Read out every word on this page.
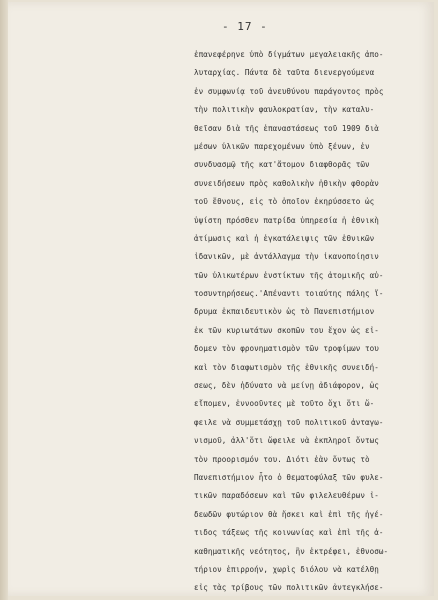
- 17 -
ἐπανεφέρηνε ὑπὸ δίγμάτων μεγαλειακῆς ἀπο-
λυταρχίας. Πάντα δὲ ταῦτα διενεργούμενα
ἐν συμφωνίᾳ τοῦ ἀνευθύνου παράγοντος πρὸς
τὴν πολιτικὴν φαυλοκρατίαν, τὴν καταλυ-
θεῖσαν διὰ τῆς ἐπαναστάσεως τοῦ 1909 διὰ
μέσων ὑλικῶν παρεχομένων ὑπὸ ξένων, ἐν
συνδυασμῷ τῆς κατ'ἄτομον διαφθορᾶς τῶν
συνειδήσεων πρὸς καθολικὴν ἠθικὴν φθορὰν
τοῦ ἔθνους, εἰς τὸ ὁποῖον ἐκηρύσσετο ὡς
ὑψίστη πρόσθεν πατρίδα ὑπηρεσία ἡ ἐθνικὴ
ἀτίμωσις καὶ ἡ ἐγκατάλειψις τῶν ἐθνικῶν
ἰδανικῶν, μὲ ἀντάλλαγμα τὴν ἱκανοποίησιν
τῶν ὑλικωτέρων ἐνστίκτων τῆς ἀτομικῆς αὐ-
τοσυντηρήσεως.'Απέναντι τοιαύτης πάλης ἵ-
δρυμα ἐκπαιδευτικὸν ὡς τὸ Πανεπιστήμιον
ἐκ τῶν κυριωτάτων σκοπῶν του ἔχον ὡς εἰ-
δομεν τὸν φρονηματισμὸν τῶν τροφίμων του
καὶ τὸν διαφωτισμὸν τῆς ἐθνικῆς συνειδή-
σεως, δὲν ἠδύνατο νὰ μείνῃ ἀδιάφορον, ὡς
εἴπομεν, ἐννοοῦντες μὲ τοῦτο ὅχι ὅτι ὤ-
φειλε νὰ συμμετάσχῃ τοῦ πολιτικοῦ ἀνταγω-
νισμοῦ, ἀλλ'ὅτι ὤφειλε νὰ ἐκπληροῖ ὄντως
τὸν προορισμόν του. Διότι ἐὰν ὄντως τὸ
Πανεπιστήμιον ἦτο ὁ θεματοφύλαξ τῶν φυλε-
τικῶν παραδόσεων καὶ τῶν φιλελευθέρων ἰ-
δεωδῶν φυτώριον θὰ ἤσκει καὶ ἐπὶ τῆς ἡγέ-
τιδος τάξεως τῆς κοινωνίας καὶ ἐπὶ τῆς ἀ-
καθηματικῆς νεότητος, ἣν ἐκτρέφει, ἐθνοσω-
τήριον ἐπιρροήν, χωρὶς διόλου νὰ κατέλθῃ
εἰς τὰς τρίβους τῶν πολιτικῶν ἀντεγκλήσε-
